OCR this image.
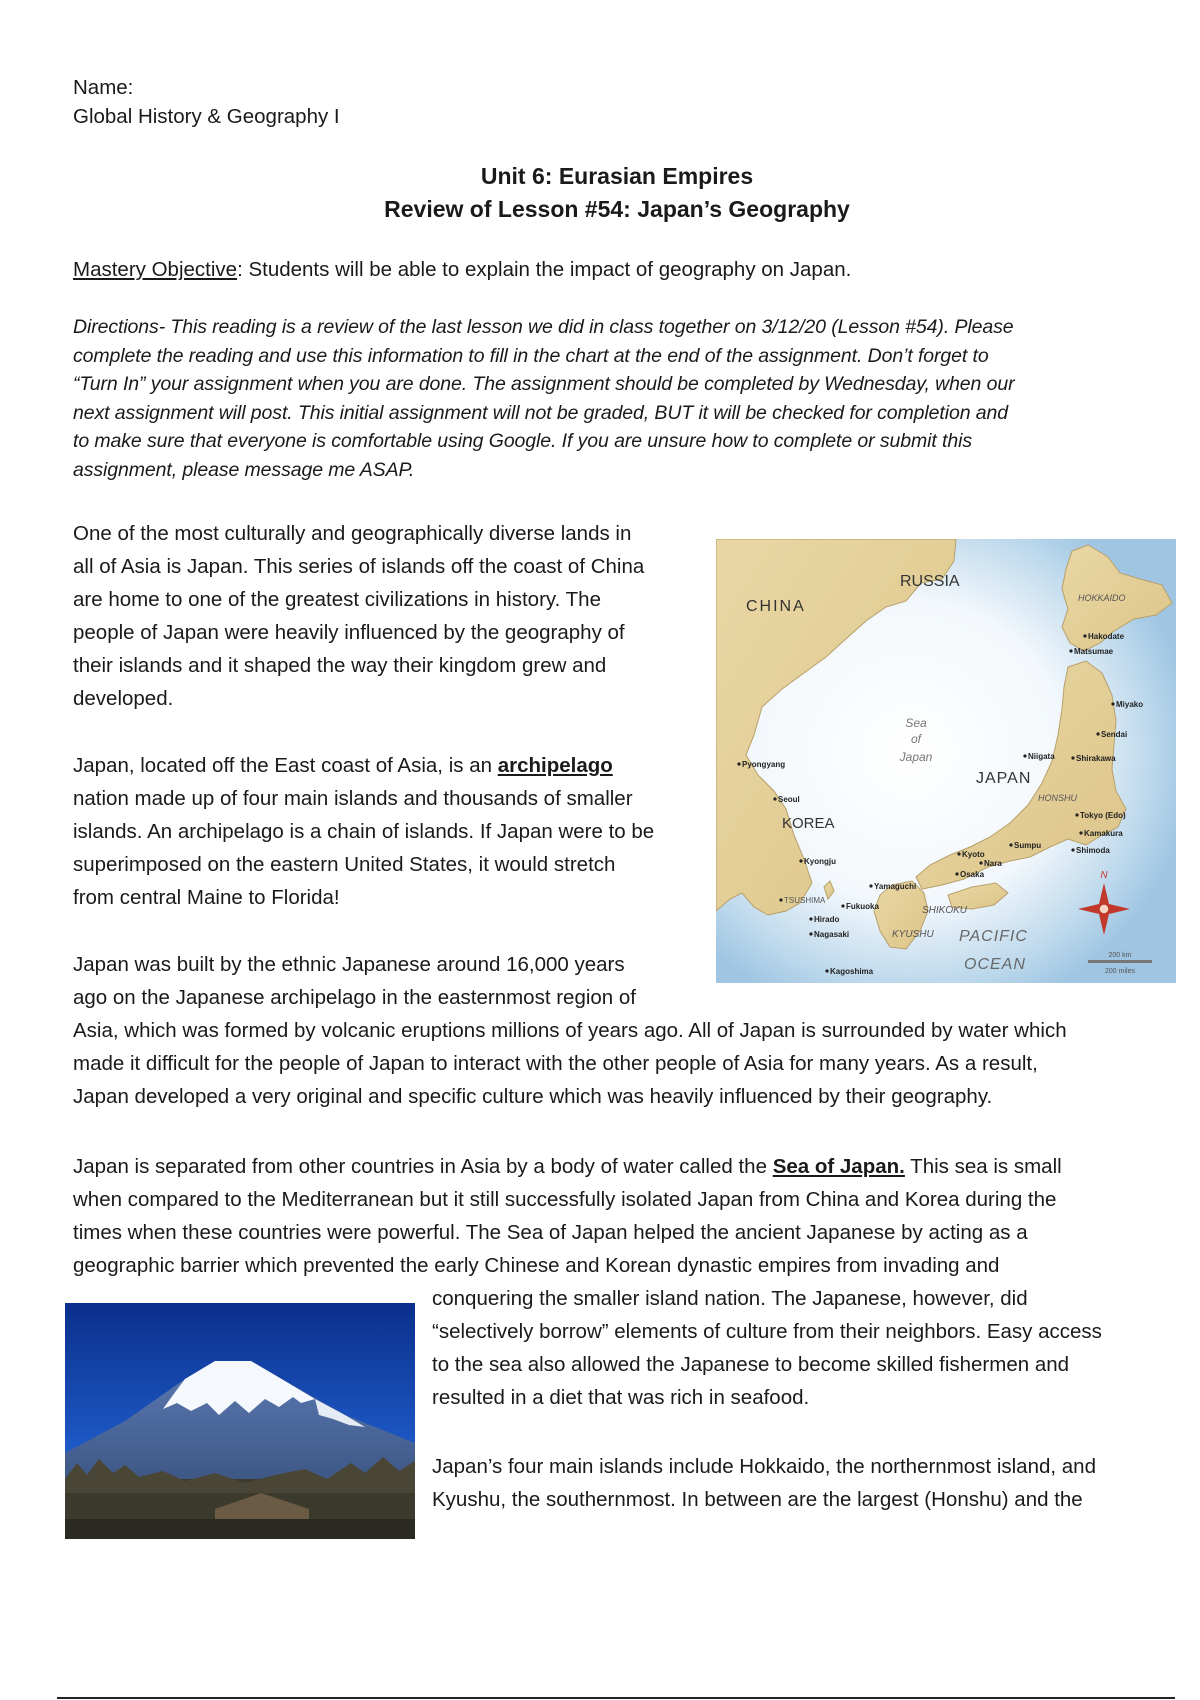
Name:
Global History & Geography I
Unit 6: Eurasian Empires
Review of Lesson #54: Japan’s Geography
Mastery Objective: Students will be able to explain the impact of geography on Japan.
Directions- This reading is a review of the last lesson we did in class together on 3/12/20 (Lesson #54). Please
complete the reading and use this information to fill in the chart at the end of the assignment. Don’t forget to
“Turn In” your assignment when you are done. The assignment should be completed by Wednesday, when our
next assignment will post. This initial assignment will not be graded, BUT it will be checked for completion and
to make sure that everyone is comfortable using Google. If you are unsure how to complete or submit this
assignment, please message me ASAP.
One of the most culturally and geographically diverse lands in
all of Asia is Japan. This series of islands off the coast of China
are home to one of the greatest civilizations in history. The
people of Japan were heavily influenced by the geography of
their islands and it shaped the way their kingdom grew and
developed.
Japan, located off the East coast of Asia, is an archipelago
nation made up of four main islands and thousands of smaller
islands. An archipelago is a chain of islands. If Japan were to be
superimposed on the eastern United States, it would stretch
from central Maine to Florida!
Japan was built by the ethnic Japanese around 16,000 years
ago on the Japanese archipelago in the easternmost region of
Asia, which was formed by volcanic eruptions millions of years ago. All of Japan is surrounded by water which
made it difficult for the people of Japan to interact with the other people of Asia for many years. As a result,
Japan developed a very original and specific culture which was heavily influenced by their geography.
Japan is separated from other countries in Asia by a body of water called the Sea of Japan. This sea is small
when compared to the Mediterranean but it still successfully isolated Japan from China and Korea during the
times when these countries were powerful. The Sea of Japan helped the ancient Japanese by acting as a
geographic barrier which prevented the early Chinese and Korean dynastic empires from invading and
conquering the smaller island nation. The Japanese, however, did
“selectively borrow” elements of culture from their neighbors. Easy access
to the sea also allowed the Japanese to become skilled fishermen and
resulted in a diet that was rich in seafood.
Japan’s four main islands include Hokkaido, the northernmost island, and
Kyushu, the southernmost. In between are the largest (Honshu) and the
CHINA
RUSSIA
HOKKAIDO
Sea
of
Japan
JAPAN
HONSHU
KOREA
SHIKOKU
KYUSHU PACIFIC
OCEAN
Matsumae
Hakodate
Miyako
Sendai
Niigata	Shirakawa
Tokyo (Edo)
Kamakura
Sumpu
Shimoda
Kyoto
Nara
Osaka
Yamaguchi
Pyongyang
Seoul
Kyongju
TSUSHIMA
Fukuoka
Hirado
Nagasaki
Kagoshima
N
200 km
200 miles
